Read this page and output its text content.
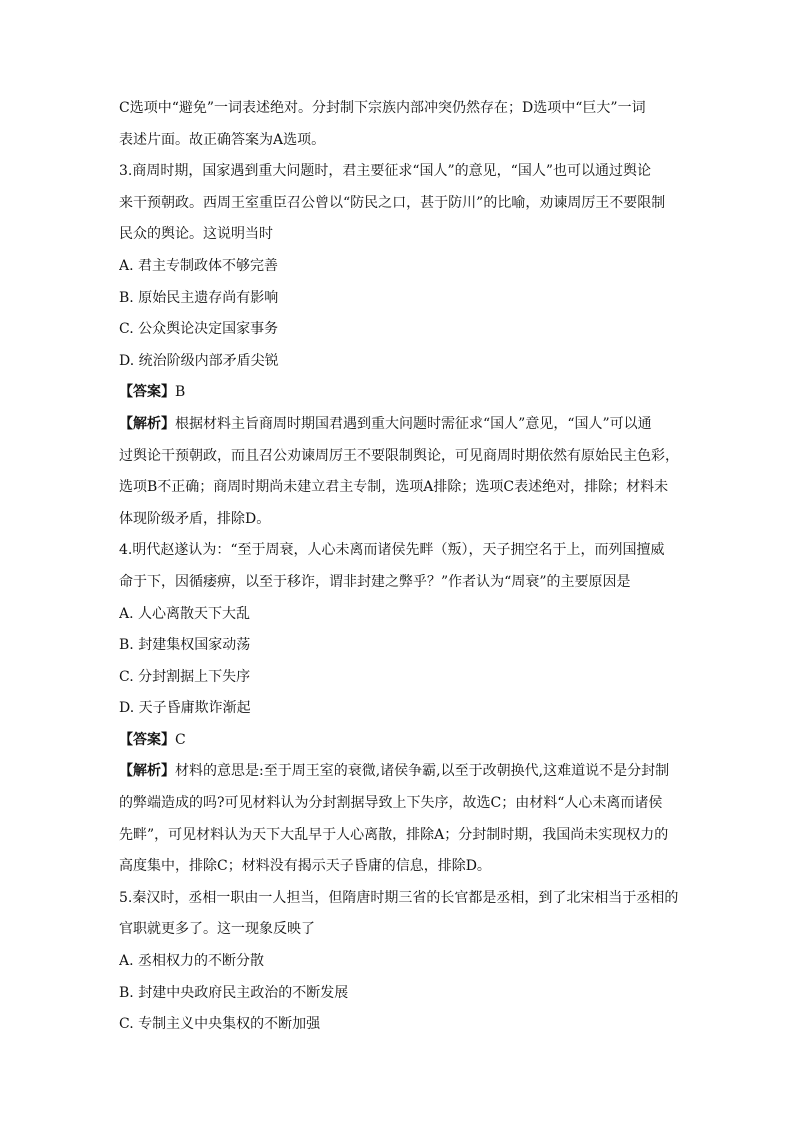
C选项中“避免”一词表述绝对。分封制下宗族内部冲突仍然存在；D选项中“巨大”一词
表述片面。故正确答案为A选项。
3.商周时期，国家遇到重大问题时，君主要征求“国人”的意见，“国人”也可以通过舆论
来干预朝政。西周王室重臣召公曾以“防民之口，甚于防川”的比喻，劝谏周厉王不要限制
民众的舆论。这说明当时
A. 君主专制政体不够完善
B. 原始民主遗存尚有影响
C. 公众舆论决定国家事务
D. 统治阶级内部矛盾尖锐
【答案】B
【解析】根据材料主旨商周时期国君遇到重大问题时需征求“国人”意见，“国人”可以通
过舆论干预朝政，而且召公劝谏周厉王不要限制舆论，可见商周时期依然有原始民主色彩，
选项B不正确；商周时期尚未建立君主专制，选项A排除；选项C表述绝对，排除；材料未
体现阶级矛盾，排除D。
4.明代赵遂认为：“至于周衰，人心未离而诸侯先畔（叛），天子拥空名于上，而列国擅威
命于下，因循痿痹，以至于移诈，谓非封建之弊乎？”作者认为“周衰”的主要原因是
A. 人心离散天下大乱
B. 封建集权国家动荡
C. 分封割据上下失序
D. 天子昏庸欺诈渐起
【答案】C
【解析】材料的意思是:至于周王室的衰微,诸侯争霸,以至于改朝换代,这难道说不是分封制
的弊端造成的吗?可见材料认为分封割据导致上下失序，故选C；由材料“人心未离而诸侯
先畔”，可见材料认为天下大乱早于人心离散，排除A；分封制时期，我国尚未实现权力的
高度集中，排除C；材料没有揭示天子昏庸的信息，排除D。
5.秦汉时，丞相一职由一人担当，但隋唐时期三省的长官都是丞相，到了北宋相当于丞相的
官职就更多了。这一现象反映了
A. 丞相权力的不断分散
B. 封建中央政府民主政治的不断发展
C. 专制主义中央集权的不断加强
